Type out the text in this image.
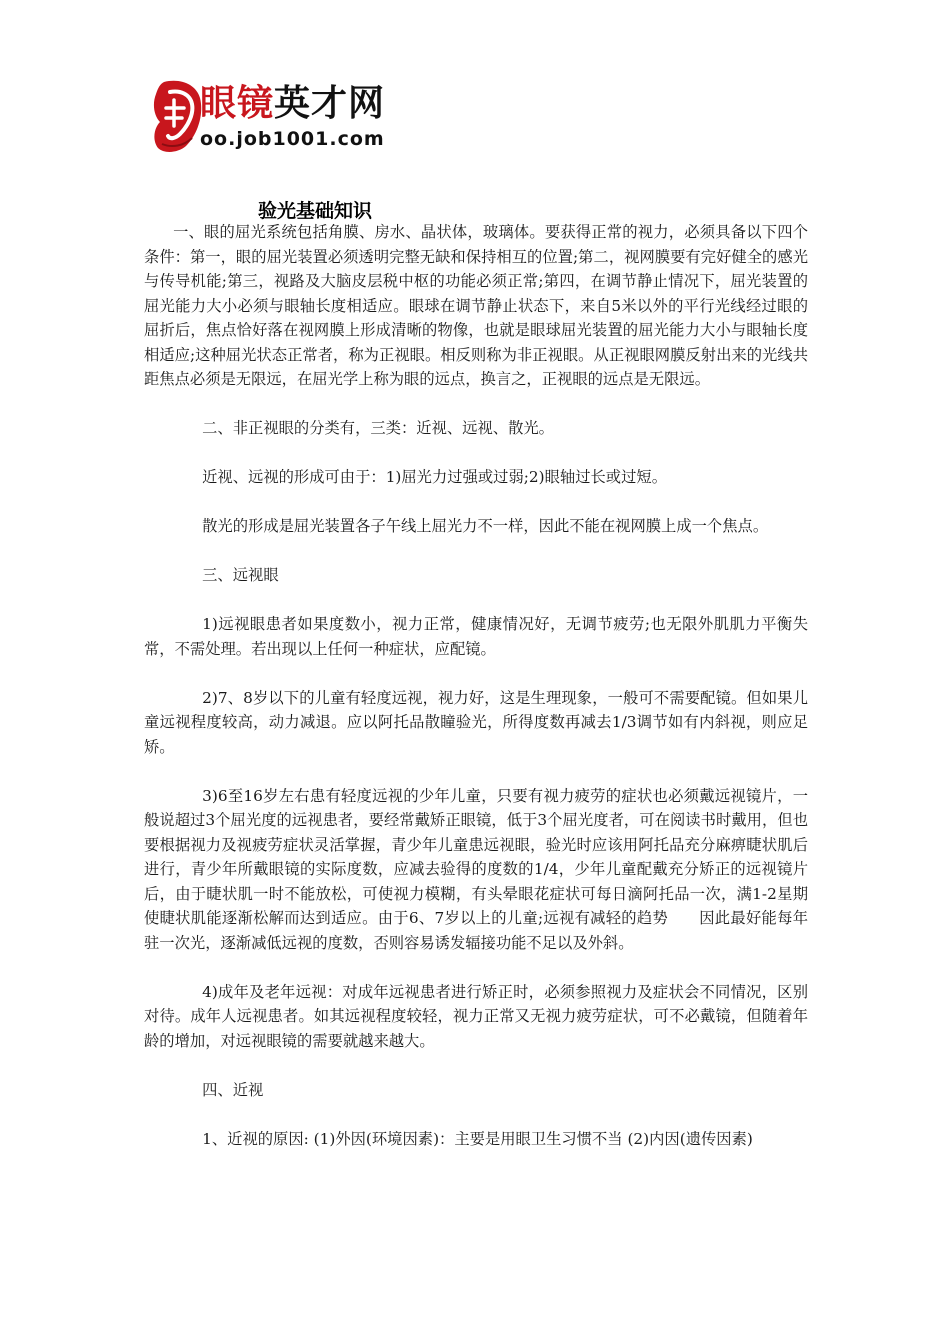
眼镜英才网
oo.job1001.com
验光基础知识

一、眼的屈光系统包括角膜、房水、晶状体，玻璃体。要获得正常的视力，必须具备以下四个条件：第一，眼的屈光装置必须透明完整无缺和保持相互的位置;第二，视网膜要有完好健全的感光与传导机能;第三，视路及大脑皮层税中枢的功能必须正常;第四，在调节静止情况下，屈光装置的屈光能力大小必须与眼轴长度相适应。眼球在调节静止状态下，来自5米以外的平行光线经过眼的屈折后，焦点恰好落在视网膜上形成清晰的物像，也就是眼球屈光装置的屈光能力大小与眼轴长度相适应;这种屈光状态正常者，称为正视眼。相反则称为非正视眼。从正视眼网膜反射出来的光线共距焦点必须是无限远，在屈光学上称为眼的远点，换言之，正视眼的远点是无限远。

二、非正视眼的分类有，三类：近视、远视、散光。

近视、远视的形成可由于：1)屈光力过强或过弱;2)眼轴过长或过短。

散光的形成是屈光装置各子午线上屈光力不一样，因此不能在视网膜上成一个焦点。

三、远视眼

1)远视眼患者如果度数小，视力正常，健康情况好，无调节疲劳;也无限外肌肌力平衡失常，不需处理。若出现以上任何一种症状，应配镜。

2)7、8岁以下的儿童有轻度远视，视力好，这是生理现象，一般可不需要配镜。但如果儿童远视程度较高，动力减退。应以阿托品散瞳验光，所得度数再减去1/3调节如有内斜视，则应足矫。

3)6至16岁左右患有轻度远视的少年儿童，只要有视力疲劳的症状也必须戴远视镜片，一般说超过3个屈光度的远视患者，要经常戴矫正眼镜，低于3个屈光度者，可在阅读书时戴用，但也要根据视力及视疲劳症状灵活掌握，青少年儿童患远视眼，验光时应该用阿托品充分麻痹睫状肌后进行，青少年所戴眼镜的实际度数，应减去验得的度数的1/4，少年儿童配戴充分矫正的远视镜片后，由于睫状肌一时不能放松，可使视力模糊，有头晕眼花症状可每日滴阿托品一次，满1-2星期使睫状肌能逐渐松解而达到适应。由于6、7岁以上的儿童;远视有减轻的趋势　　因此最好能每年驻一次光，逐渐减低远视的度数，否则容易诱发辐接功能不足以及外斜。

4)成年及老年远视：对成年远视患者进行矫正时，必须参照视力及症状会不同情况，区别对待。成年人远视患者。如其远视程度较轻，视力正常又无视力疲劳症状，可不必戴镜，但随着年龄的增加，对远视眼镜的需要就越来越大。

四、近视

1、近视的原因: (1)外因(环境因素)：主要是用眼卫生习惯不当 (2)内因(遗传因素)
